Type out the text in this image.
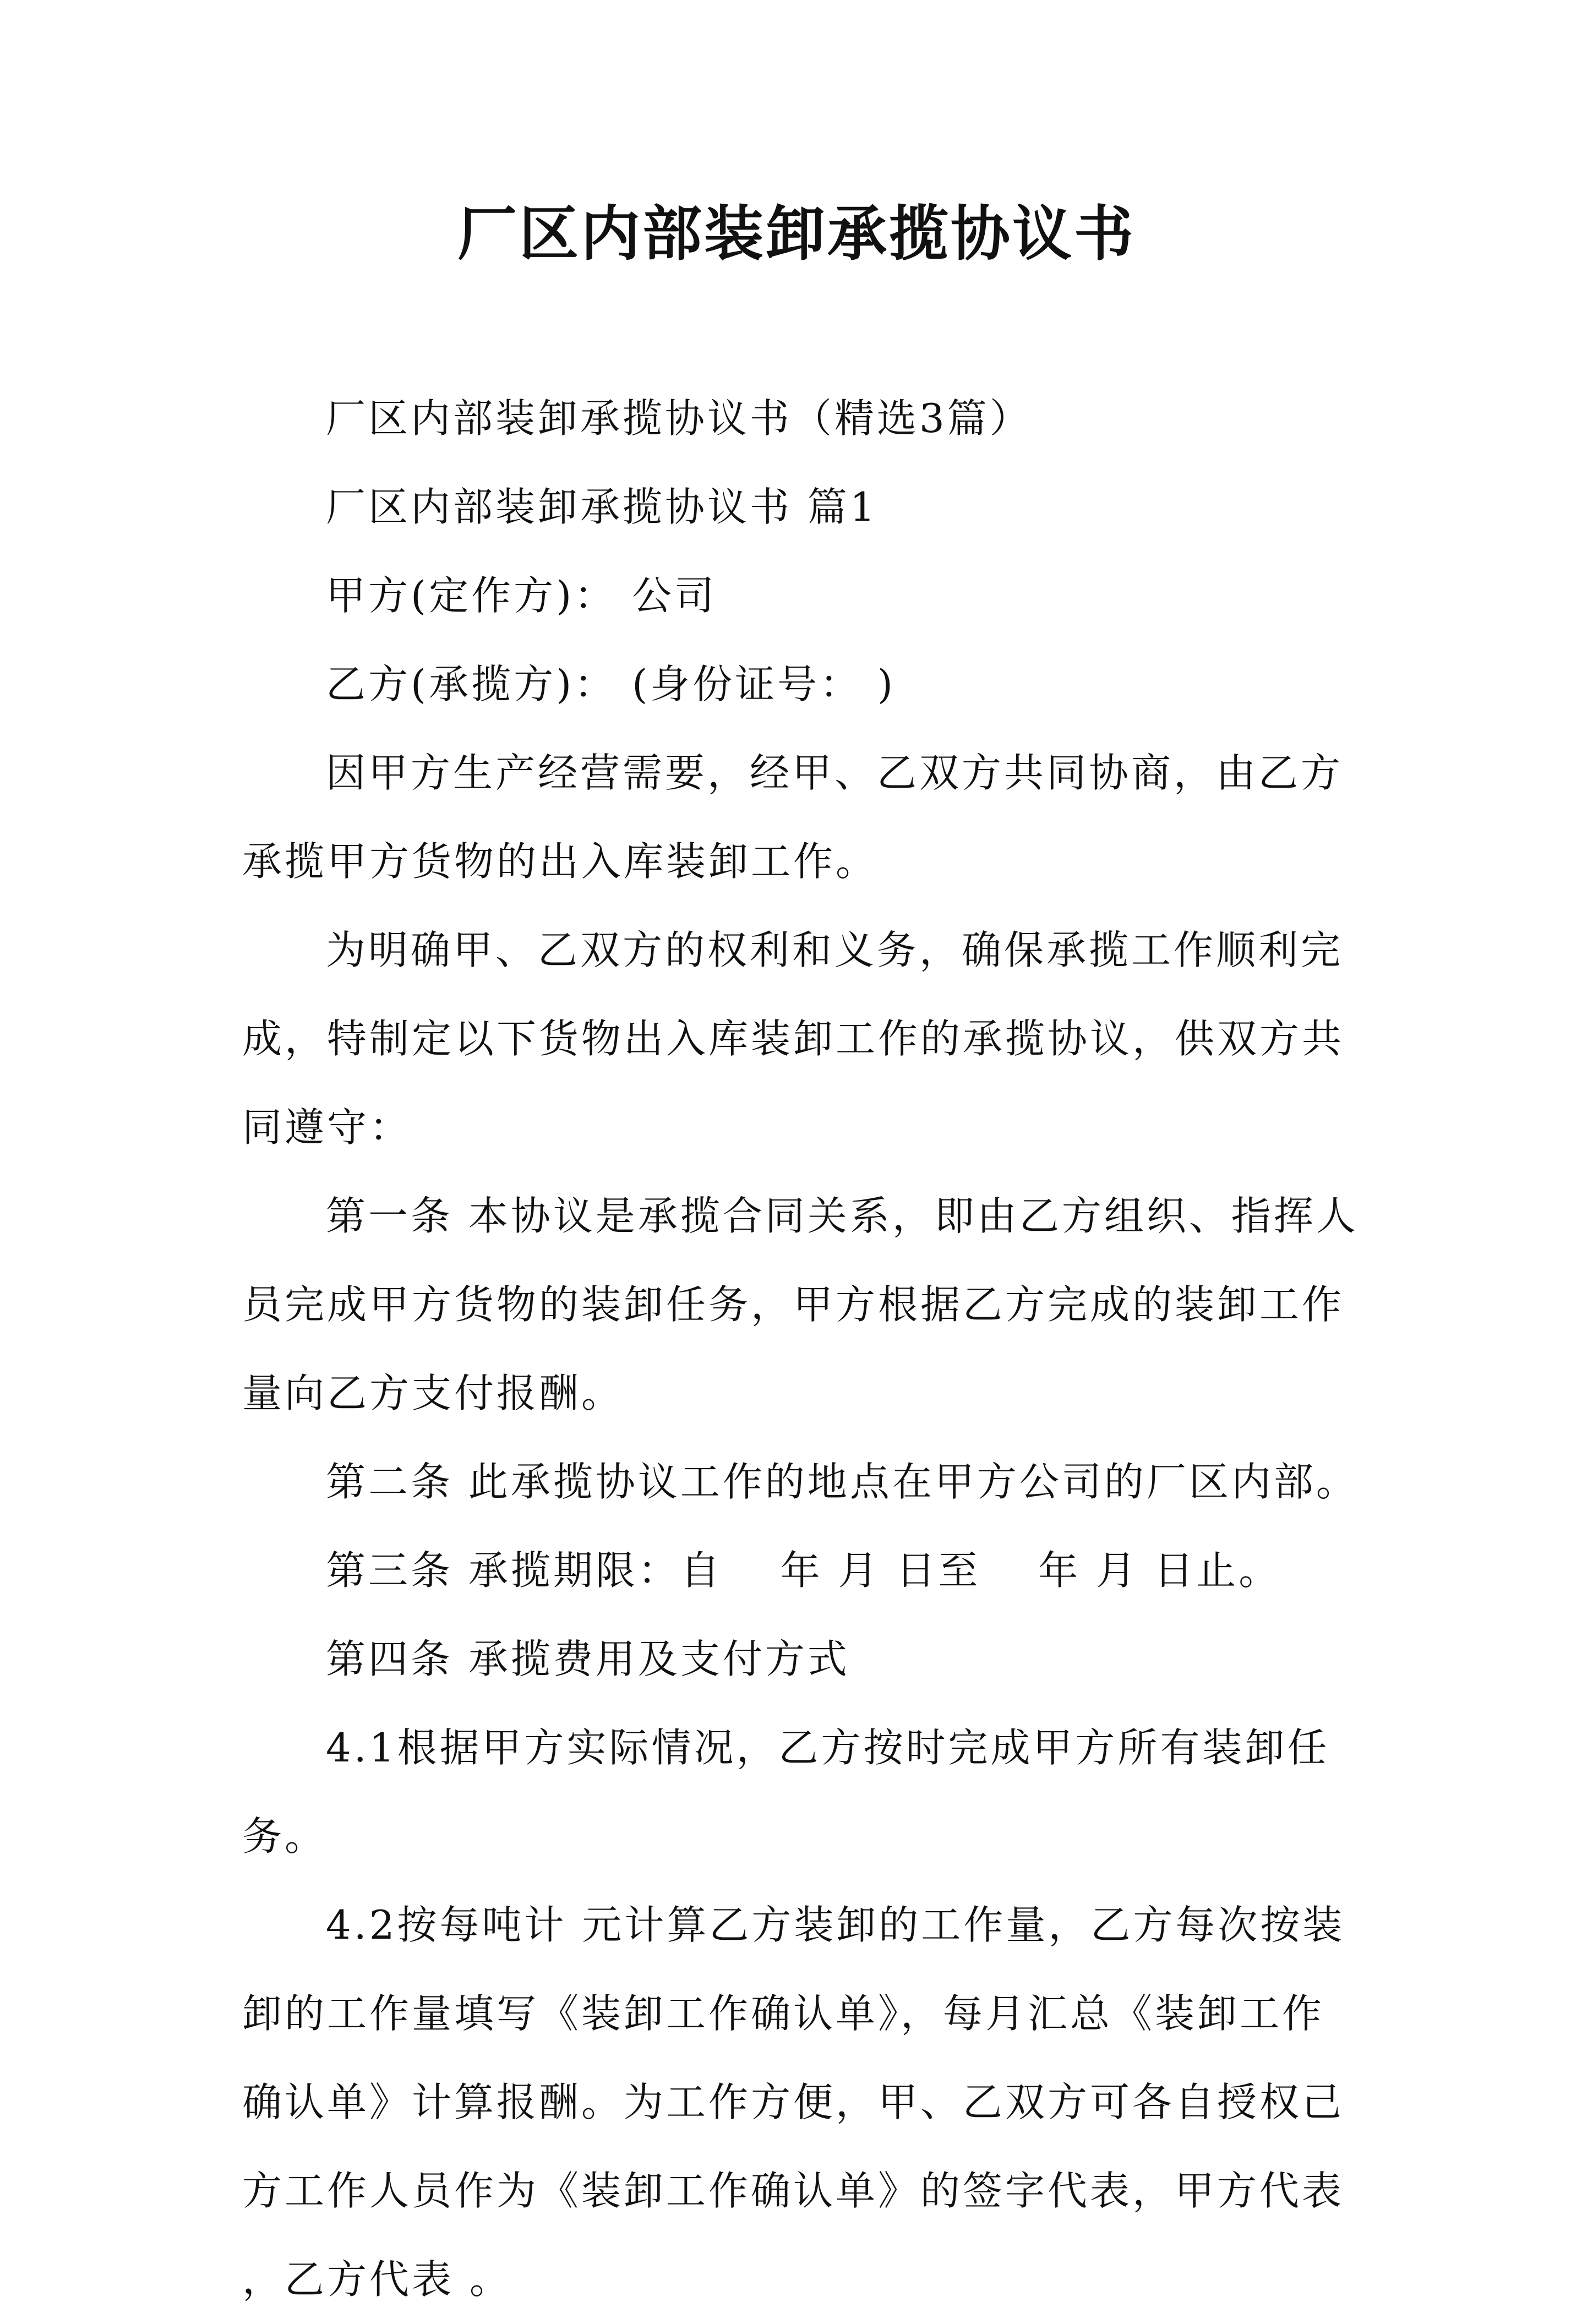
厂区内部装卸承揽协议书

厂区内部装卸承揽协议书（精选3篇）

厂区内部装卸承揽协议书 篇1

甲方(定作方)： 公司

乙方(承揽方)： (身份证号： )

因甲方生产经营需要，经甲、乙双方共同协商，由乙方承揽甲方货物的出入库装卸工作。

为明确甲、乙双方的权利和义务，确保承揽工作顺利完成，特制定以下货物出入库装卸工作的承揽协议，供双方共同遵守：

第一条 本协议是承揽合同关系，即由乙方组织、指挥人员完成甲方货物的装卸任务，甲方根据乙方完成的装卸工作量向乙方支付报酬。

第二条 此承揽协议工作的地点在甲方公司的厂区内部。

第三条 承揽期限：自　 年 月 日至　 年 月 日止。

第四条 承揽费用及支付方式

4.1根据甲方实际情况，乙方按时完成甲方所有装卸任务。

4.2按每吨计 元计算乙方装卸的工作量，乙方每次按装卸的工作量填写《装卸工作确认单》，每月汇总《装卸工作确认单》计算报酬。为工作方便，甲、乙双方可各自授权己方工作人员作为《装卸工作确认单》的签字代表，甲方代表 ，乙方代表 。
